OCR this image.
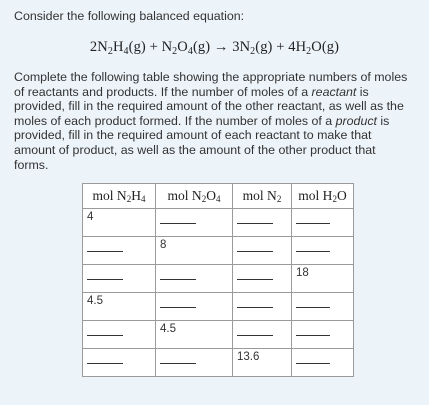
Consider the following balanced equation:

$2N_2H_4(g) + N_2O_4(g) \to 3N_2(g) + 4H_2O(g)$

Complete the following table showing the appropriate numbers of moles of reactants and products. If the number of moles of a reactant is provided, fill in the required amount of the other reactant, as well as the moles of each product formed. If the number of moles of a product is provided, fill in the required amount of each reactant to make that amount of product, as well as the amount of the other product that forms.

mol $N_2H_4$	mol $N_2O_4$	mol $N_2$	mol $H_2O$

4			

	8		

			18

4.5			

	4.5		

		13.6	
